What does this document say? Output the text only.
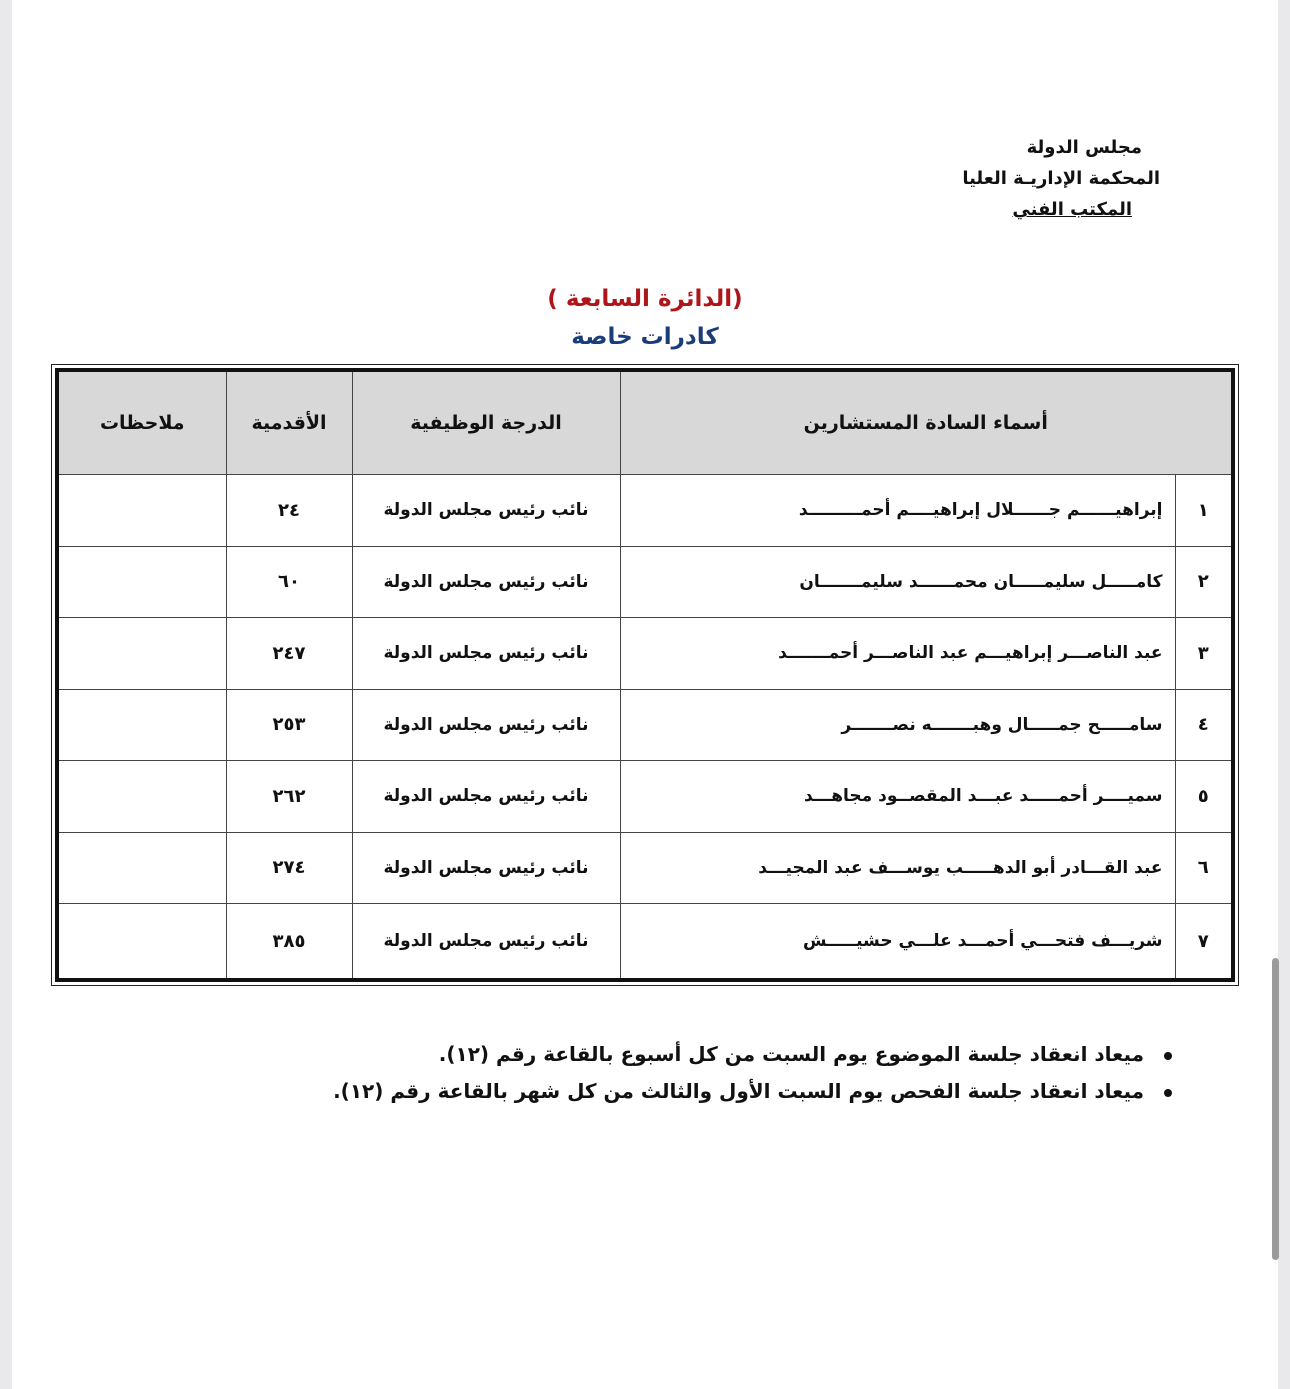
مجلس الدولة
المحكمة الإداريـة العليا
المكتب الفني
(الدائرة السابعة )
كادرات خاصة
أسماء السادة المستشارين		الدرجة الوظيفية	الأقدمية	ملاحظات
١	إبراهيــــــم جــــــلال إبراهيــــم أحمـــــــــد	نائب رئيس مجلس الدولة	٢٤	
٢	كامـــــل سليمـــــان محمــــــد سليمـــــــان	نائب رئيس مجلس الدولة	٦٠	
٣	عبد الناصـــر إبراهيـــم عبد الناصـــر أحمـــــــد	نائب رئيس مجلس الدولة	٢٤٧	
٤	سامـــــح جمـــــال وهبـــــــه نصـــــــر	نائب رئيس مجلس الدولة	٢٥٣	
٥	سميــــر أحمـــــد عبـــد المقصــود مجاهـــد	نائب رئيس مجلس الدولة	٢٦٢	
٦	عبد القـــادر أبو الدهـــــب يوســـف عبد المجيـــد	نائب رئيس مجلس الدولة	٢٧٤	
٧	شريـــف فتحـــي أحمـــد علـــي حشيـــــش	نائب رئيس مجلس الدولة	٣٨٥	
ميعاد انعقاد جلسة الموضوع يوم السبت من كل أسبوع بالقاعة رقم (١٢).
ميعاد انعقاد جلسة الفحص يوم السبت الأول والثالث من كل شهر بالقاعة رقم (١٢).
